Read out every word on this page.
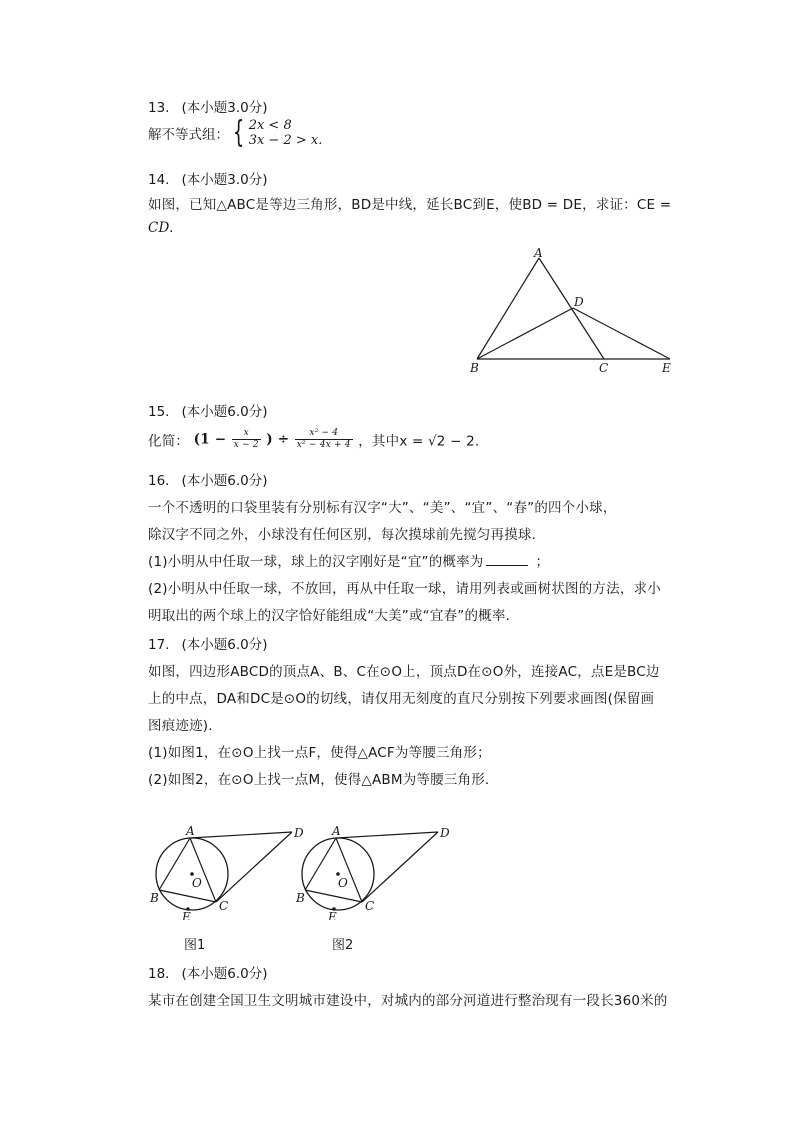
13. (本小题3.0分)
解不等式组： { 2x < 8
3x − 2 > x.
14. (本小题3.0分)
如图，已知△ABC是等边三角形，BD是中线，延长BC到E，使BD = DE，求证：CE =
CD.
A
D
B	C	E
15. (本小题6.0分)
化简： ($1 - \frac{x}{x - 2}$ ) ÷ $\frac{\text{x² − 4}}{\text{x² − 4x + 4}}$ ，其中x = √2 − 2.
16. (本小题6.0分)
一个不透明的口袋里装有分别标有汉字“大”、“美”、“宜”、“春”的四个小球，
除汉字不同之外，小球没有任何区别，每次摸球前先搅匀再摸球．
(1)小明从中任取一球，球上的汉字刚好是“宜”的概率为	；
(2)小明从中任取一球，不放回，再从中任取一球，请用列表或画树状图的方法，求小
明取出的两个球上的汉字恰好能组成“大美”或“宜春”的概率．
17. (本小题6.0分)
如图，四边形ABCD的顶点A、B、C在⊙O上，顶点D在⊙O外，连接AC，点E是BC边
上的中点，DA和DC是⊙O的切线，请仅用无刻度的直尺分别按下列要求画图(保留画
图痕迹迹)．
(1)如图1，在⊙O上找一点F，使得△ACF为等腰三角形；
(2)如图2，在⊙O上找一点M，使得△ABM为等腰三角形．
A	D
O
B
C
E
图1
A	D
O
B
C
E
图2
18. (本小题6.0分)
某市在创建全国卫生文明城市建设中，对城内的部分河道进行整治现有一段长360米的
